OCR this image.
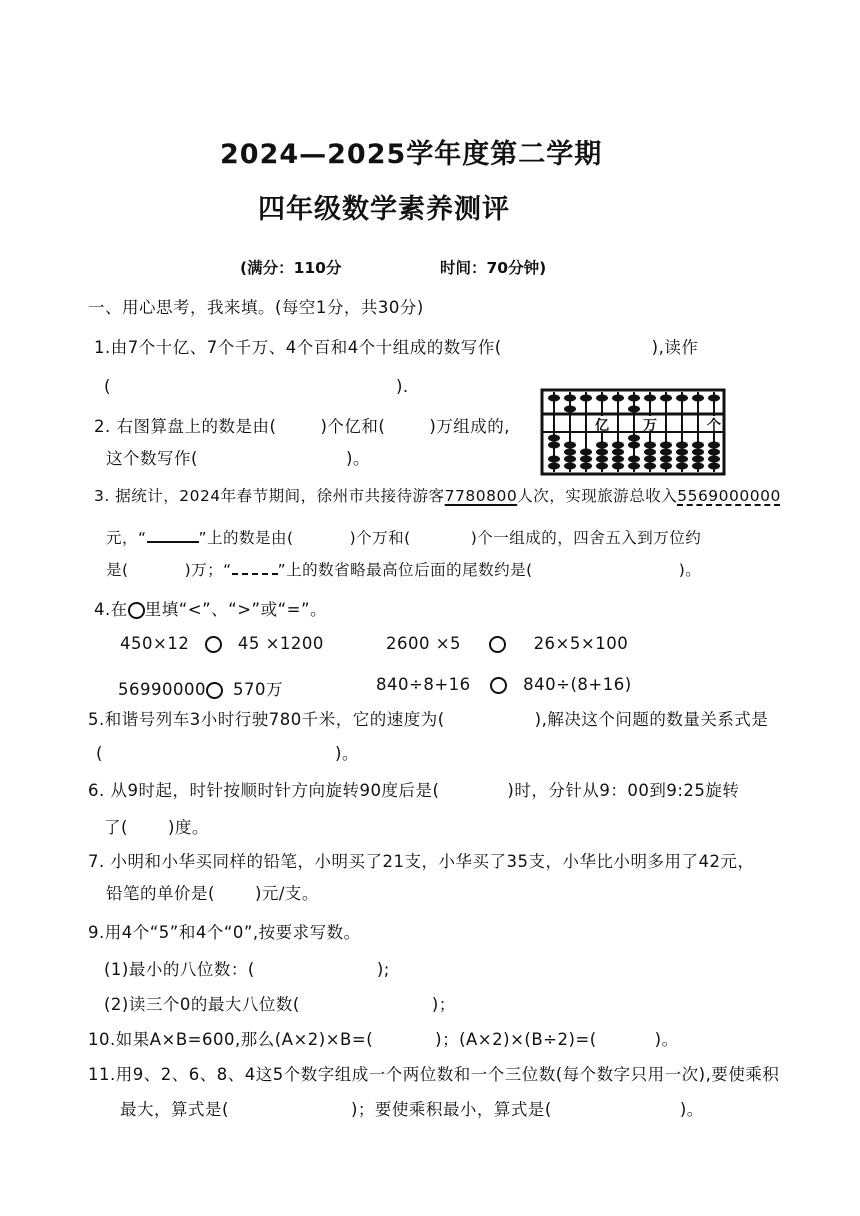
2024—2025学年度第二学期
四年级数学素养测评
(满分：110分	时间：70分钟)
一、用心思考，我来填。(每空1分，共30分)
1.由7个十亿、7个千万、4个百和4个十组成的数写作(	),读作
(	).
2. 右图算盘上的数是由(	)个亿和(	)万组成的,
这个数写作(	)。
亿 万	个
3. 据统计，2024年春节期间，徐州市共接待游客7780800人次，实现旅游总收入5569000000
元，“	”上的数是由(	)个万和(	)个一组成的，四舍五入到万位约
是(	)万；“	”上的数省略最高位后面的尾数约是(	)。
4.在 里填“<”、“>”或“=”。
450×12	45 ×1200	2600 ×5	26×5×100
56990000 570万	840÷8+16	840÷(8+16)
5.和谐号列车3小时行驶780千米，它的速度为(	),解决这个问题的数量关系式是
(	)。
6. 从9时起，时针按顺时针方向旋转90度后是(	)时，分针从9：00到9:25旋转
了( )度。
7. 小明和小华买同样的铅笔，小明买了21支，小华买了35支，小华比小明多用了42元，
铅笔的单价是( )元/支。
9.用4个“5”和4个“0”,按要求写数。
(1)最小的八位数：(	);
(2)读三个0的最大八位数(	)；
10.如果A×B=600,那么(A×2)×B=(	)；(A×2)×(B÷2)=(	)。
11.用9、2、6、8、4这5个数字组成一个两位数和一个三位数(每个数字只用一次),要使乘积
最大，算式是(	)；要使乘积最小，算式是(	)。
